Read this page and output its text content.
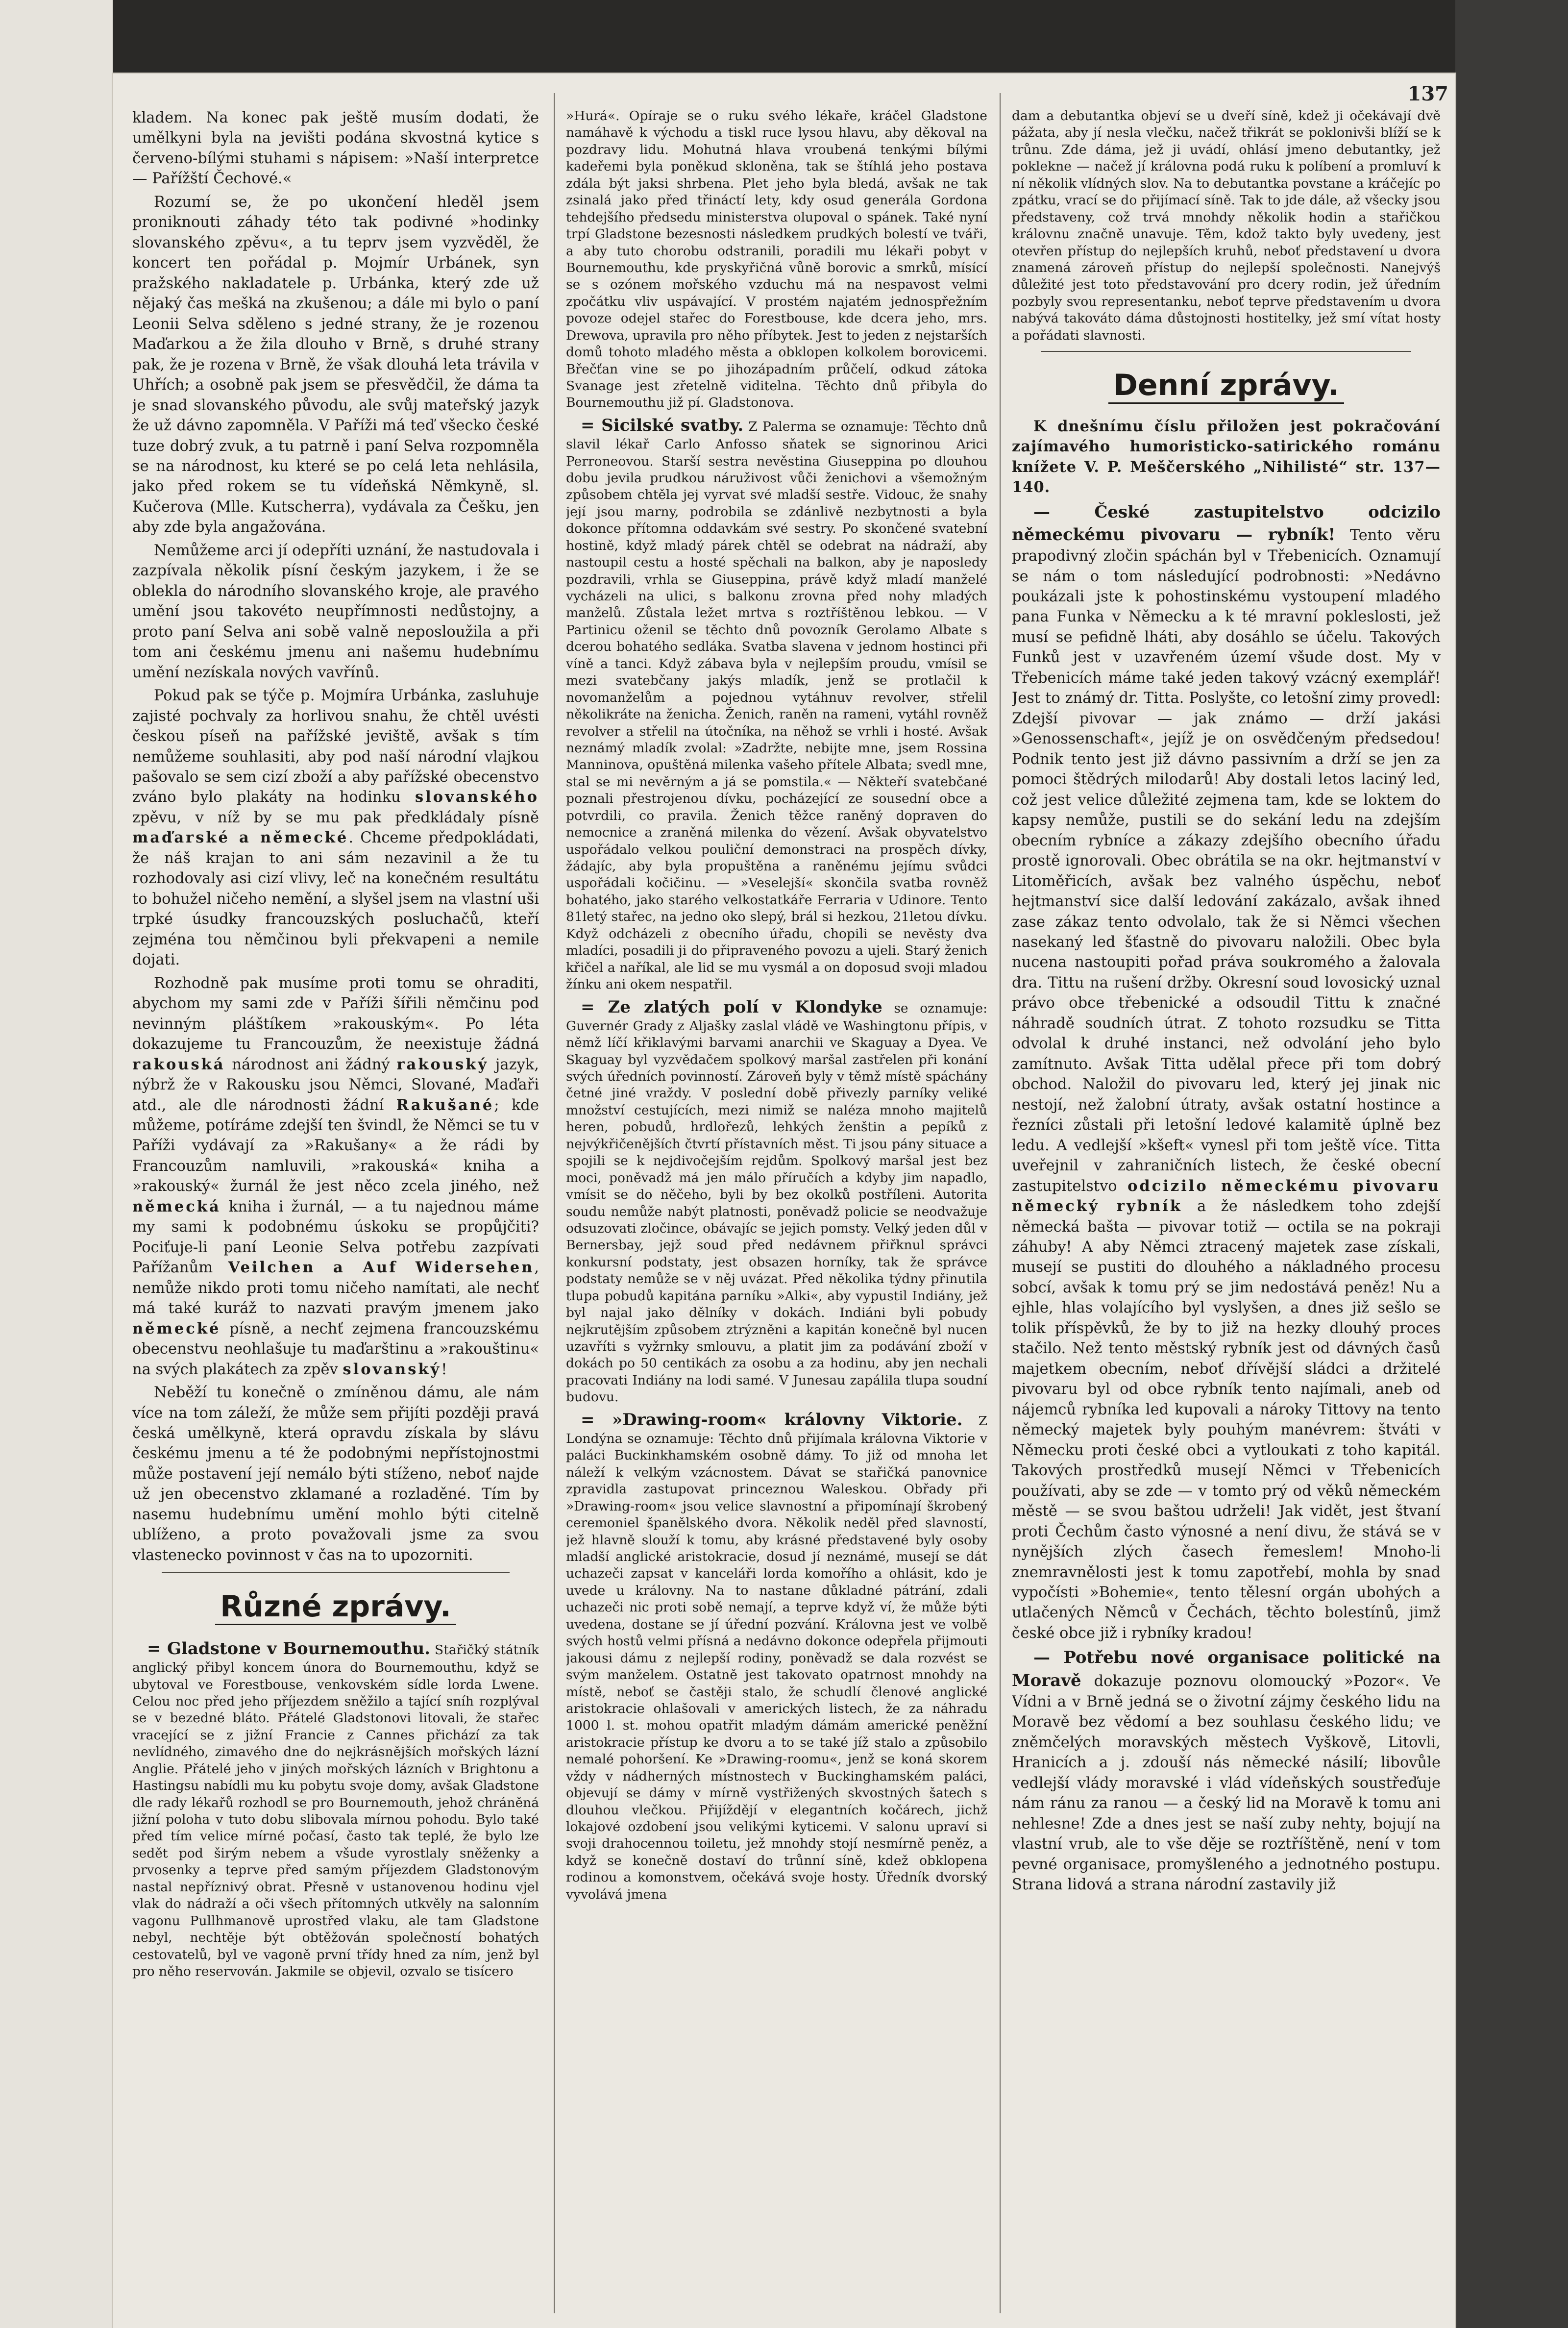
137

kladem. Na konec pak ještě musím dodati, že umělkyni byla na jevišti podána skvostná kytice s červeno-bílými stuhami s nápisem: »Naší interpretce — Pařížští Čechové.«

Rozumí se, že po ukončení hleděl jsem proniknouti záhady této tak podivné »hodinky slovanského zpěvu«, a tu teprv jsem vyzvěděl, že koncert ten pořádal p. Mojmír Urbánek, syn pražského nakladatele p. Urbánka, který zde už nějaký čas mešká na zkušenou; a dále mi bylo o paní Leonii Selva sděleno s jedné strany, že je rozenou Maďarkou a že žila dlouho v Brně, s druhé strany pak, že je rozena v Brně, že však dlouhá leta trávila v Uhřích; a osobně pak jsem se přesvědčil, že dáma ta je snad slovanského původu, ale svůj mateřský jazyk že už dávno zapomněla. V Paříži má teď všecko české tuze dobrý zvuk, a tu patrně i paní Selva rozpomněla se na národnost, ku které se po celá leta nehlásila, jako před rokem se tu vídeňská Němkyně, sl. Kučerova (Mlle. Kutscherra), vydávala za Češku, jen aby zde byla angažována.

Nemůžeme arci jí odepříti uznání, že nastudovala i zazpívala několik písní českým jazykem, i že se oblekla do národního slovanského kroje, ale pravého umění jsou takovéto neupřímnosti nedůstojny, a proto paní Selva ani sobě valně neposloužila a při tom ani českému jmenu ani našemu hudebnímu umění nezískala nových vavřínů.

Pokud pak se týče p. Mojmíra Urbánka, zasluhuje zajisté pochvaly za horlivou snahu, že chtěl uvésti českou píseň na pařížské jeviště, avšak s tím nemůžeme souhlasiti, aby pod naší národní vlajkou pašovalo se sem cizí zboží a aby pařížské obecenstvo zváno bylo plakáty na hodinku slovanského zpěvu, v níž by se mu pak předkládaly písně maďarské a německé. Chceme předpokládati, že náš krajan to ani sám nezavinil a že tu rozhodovaly asi cizí vlivy, leč na konečném resultátu to bohužel ničeho nemění, a slyšel jsem na vlastní uši trpké úsudky francouzských posluchačů, kteří zejména tou němčinou byli překvapeni a nemile dojati.

Rozhodně pak musíme proti tomu se ohraditi, abychom my sami zde v Paříži šířili němčinu pod nevinným pláštíkem »rakouským«. Po léta dokazujeme tu Francouzům, že neexistuje žádná rakouská národnost ani žádný rakouský jazyk, nýbrž že v Rakousku jsou Němci, Slované, Maďaři atd., ale dle národnosti žádní Rakušané; kde můžeme, potíráme zdejší ten švindl, že Němci se tu v Paříži vydávají za »Rakušany« a že rádi by Francouzům namluvili, »rakouská« kniha a »rakouský« žurnál že jest něco zcela jiného, než německá kniha i žurnál, — a tu najednou máme my sami k podobnému úskoku se propůjčiti? Pociťuje-li paní Leonie Selva potřebu zazpívati Pařížanům Veilchen a Auf Widersehen, nemůže nikdo proti tomu ničeho namítati, ale nechť má také kuráž to nazvati pravým jmenem jako německé písně, a nechť zejmena francouzskému obecenstvu neohlašuje tu maďarštinu a »rakouštinu« na svých plakátech za zpěv slovanský!

Neběží tu konečně o zmíněnou dámu, ale nám více na tom záleží, že může sem přijíti později pravá česká umělkyně, která opravdu získala by slávu českému jmenu a té že podobnými nepřístojnostmi může postavení její nemálo býti stíženo, neboť najde už jen obecenstvo zklamané a rozladěné. Tím by nasemu hudebnímu umění mohlo býti citelně ublíženo, a proto považovali jsme za svou vlastenecko povinnost v čas na to upozorniti.

Různé zprávy.

= Gladstone v Bournemouthu. Stařičký státník anglický přibyl koncem února do Bournemouthu, když se ubytoval ve Forestbouse, venkovském sídle lorda Lwene. Celou noc před jeho příjezdem sněžilo a tající sníh rozplýval se v bezedné bláto. Přátelé Gladstonovi litovali, že stařec vracející se z jižní Francie z Cannes přichází za tak nevlídného, zimavého dne do nejkrásnějších mořských lázní Anglie. Přátelé jeho v jiných mořských lázních v Brightonu a Hastingsu nabídli mu ku pobytu svoje domy, avšak Gladstone dle rady lékařů rozhodl se pro Bournemouth, jehož chráněná jižní poloha v tuto dobu slibovala mírnou pohodu. Bylo také před tím velice mírné počasí, často tak teplé, že bylo lze sedět pod širým nebem a všude vyrostlaly sněženky a prvosenky a teprve před samým příjezdem Gladstonovým nastal nepříznivý obrat. Přesně v ustanovenou hodinu vjel vlak do nádraží a oči všech přítomných utkvěly na salonním vagonu Pullhmanově uprostřed vlaku, ale tam Gladstone nebyl, nechtěje být obtěžován společností bohatých cestovatelů, byl ve vagoně první třídy hned za ním, jenž byl pro něho reservován. Jakmile se objevil, ozvalo se tisícero

»Hurá«. Opíraje se o ruku svého lékaře, kráčel Gladstone namáhavě k východu a tiskl ruce lysou hlavu, aby děkoval na pozdravy lidu. Mohutná hlava vroubená tenkými bílými kadeřemi byla poněkud skloněna, tak se štíhlá jeho postava zdála být jaksi shrbena. Plet jeho byla bledá, avšak ne tak zsinalá jako před třináctí lety, kdy osud generála Gordona tehdejšího předsedu ministerstva olupoval o spánek. Také nyní trpí Gladstone bezesnosti následkem prudkých bolestí ve tváři, a aby tuto chorobu odstranili, poradili mu lékaři pobyt v Bournemouthu, kde pryskyřičná vůně borovic a smrků, mísící se s ozónem mořského vzduchu má na nespavost velmi zpočátku vliv uspávající. V prostém najatém jednospřežním povoze odejel stařec do Forestbouse, kde dcera jeho, mrs. Drewova, upravila pro něho příbytek. Jest to jeden z nejstarších domů tohoto mladého města a obklopen kolkolem borovicemi. Břečťan vine se po jihozápadním průčelí, odkud zátoka Svanage jest zřetelně viditelna. Těchto dnů přibyla do Bournemouthu již pí. Gladstonova.

= Sicilské svatby. Z Palerma se oznamuje: Těchto dnů slavil lékař Carlo Anfosso sňatek se signorinou Arici Perroneovou. Starší sestra nevěstina Giuseppina po dlouhou dobu jevila prudkou náruživost vůči ženichovi a všemožným způsobem chtěla jej vyrvat své mladší sestře. Vidouc, že snahy její jsou marny, podrobila se zdánlivě nezbytnosti a byla dokonce přítomna oddavkám své sestry. Po skončené svatební hostině, když mladý párek chtěl se odebrat na nádraží, aby nastoupil cestu a hosté spěchali na balkon, aby je naposledy pozdravili, vrhla se Giuseppina, právě když mladí manželé vycházeli na ulici, s balkonu zrovna před nohy mladých manželů. Zůstala ležet mrtva s roztříštěnou lebkou. — V Partinicu oženil se těchto dnů povozník Gerolamo Albate s dcerou bohatého sedláka. Svatba slavena v jednom hostinci při víně a tanci. Když zábava byla v nejlepším proudu, vmísil se mezi svatebčany jakýs mladík, jenž se protlačil k novomanželům a pojednou vytáhnuv revolver, střelil několikráte na ženicha. Ženich, raněn na rameni, vytáhl rovněž revolver a střelil na útočníka, na něhož se vrhli i hosté. Avšak neznámý mladík zvolal: »Zadržte, nebijte mne, jsem Rossina Manninova, opuštěná milenka vašeho přítele Albata; svedl mne, stal se mi nevěrným a já se pomstila.« — Někteří svatebčané poznali přestrojenou dívku, pocházející ze sousední obce a potvrdili, co pravila. Ženich těžce raněný dopraven do nemocnice a zraněná milenka do vězení. Avšak obyvatelstvo uspořádalo velkou pouliční demonstraci na prospěch dívky, žádajíc, aby byla propuštěna a raněnému jejímu svůdci uspořádali kočičinu. — »Veselejší« skončila svatba rovněž bohatého, jako starého velkostatkáře Ferraria v Udinore. Tento 81letý stařec, na jedno oko slepý, brál si hezkou, 21letou dívku. Když odcházeli z obecního úřadu, chopili se nevěsty dva mladíci, posadili ji do připraveného povozu a ujeli. Starý ženich křičel a naříkal, ale lid se mu vysmál a on doposud svoji mladou žínku ani okem nespatřil.

= Ze zlatých polí v Klondyke se oznamuje: Guvernér Grady z Aljašky zaslal vládě ve Washingtonu přípis, v němž líčí křiklavými barvami anarchii ve Skaguay a Dyea. Ve Skaguay byl vyzvědačem spolkový maršal zastřelen při konání svých úředních povinností. Zároveň byly v těmž místě spáchány četné jiné vraždy. V poslední době přivezly parníky veliké množství cestujících, mezi nimiž se naléza mnoho majitelů heren, pobudů, hrdlořezů, lehkých ženštin a pepíků z nejvýkřičenějších čtvrtí přístavních měst. Ti jsou pány situace a spojili se k nejdivočejším rejdům. Spolkový maršal jest bez moci, poněvadž má jen málo příručích a kdyby jim napadlo, vmísit se do něčeho, byli by bez okolků postříleni. Autorita soudu nemůže nabýt platnosti, poněvadž policie se neodvažuje odsuzovati zločince, obávajíc se jejich pomsty. Velký jeden důl v Bernersbay, jejž soud před nedávnem přiřknul správci konkursní podstaty, jest obsazen horníky, tak že správce podstaty nemůže se v něj uvázat. Před několika týdny přinutila tlupa pobudů kapitána parníku »Alki«, aby vypustil Indiány, jež byl najal jako dělníky v dokách. Indiáni byli pobudy nejkrutějším způsobem ztrýzněni a kapitán konečně byl nucen uzavříti s vyžrnky smlouvu, a platit jim za podávání zboží v dokách po 50 centikách za osobu a za hodinu, aby jen nechali pracovati Indiány na lodi samé. V Junesau zapálila tlupa soudní budovu.

= »Drawing-room« královny Viktorie. Z Londýna se oznamuje: Těchto dnů přijímala královna Viktorie v paláci Buckinkhamském osobně dámy. To již od mnoha let náleží k velkým vzácnostem. Dávat se stařičká panovnice zpravidla zastupovat princeznou Waleskou. Obřady při »Drawing-room« jsou velice slavnostní a připomínají škrobený ceremoniel španělského dvora. Několik neděl před slavností, jež hlavně slouží k tomu, aby krásné představené byly osoby mladší anglické aristokracie, dosud jí neznámé, musejí se dát uchazeči zapsat v kanceláři lorda komořího a ohlásit, kdo je uvede u královny. Na to nastane důkladné pátrání, zdali uchazeči nic proti sobě nemají, a teprve když ví, že může býti uvedena, dostane se jí úřední pozvání. Královna jest ve volbě svých hostů velmi přísná a nedávno dokonce odepřela přijmouti jakousi dámu z nejlepší rodiny, poněvadž se dala rozvést se svým manželem. Ostatně jest takovato opatrnost mnohdy na místě, neboť se častěji stalo, že schudlí členové anglické aristokracie ohlašovali v amerických listech, že za náhradu 1000 l. st. mohou opatřit mladým dámám americké peněžní aristokracie přístup ke dvoru a to se také jíž stalo a způsobilo nemalé pohoršení. Ke »Drawing-roomu«, jenž se koná skorem vždy v nádherných místnostech v Buckinghamském paláci, objevují se dámy v mírně vystřižených skvostných šatech s dlouhou vlečkou. Přijíždějí v elegantních kočárech, jichž lokajové ozdobení jsou velikými kyticemi. V salonu upraví si svoji drahocennou toiletu, jež mnohdy stojí nesmírně peněz, a když se konečně dostaví do trůnní síně, kdež obklopena rodinou a komonstvem, očekává svoje hosty. Úředník dvorský vyvolává jmena

dam a debutantka objeví se u dveří síně, kdež ji očekávají dvě pážata, aby jí nesla vlečku, načež třikrát se poklonivši blíží se k trůnu. Zde dáma, jež ji uvádí, ohlásí jmeno debutantky, jež poklekne — načež jí královna podá ruku k políbení a promluví k ní několik vlídných slov. Na to debutantka povstane a kráčejíc po zpátku, vrací se do přijímací síně. Tak to jde dále, až všecky jsou představeny, což trvá mnohdy několik hodin a stařičkou královnu značně unavuje. Těm, kdož takto byly uvedeny, jest otevřen přístup do nejlepších kruhů, neboť představení u dvora znamená zároveň přístup do nejlepší společnosti. Nanejvýš důležité jest toto představování pro dcery rodin, jež úředním pozbyly svou representanku, neboť teprve představením u dvora nabývá takováto dáma důstojnosti hostitelky, jež smí vítat hosty a pořádati slavnosti.

Denní zprávy.

K dnešnímu číslu přiložen jest pokračování zajímavého humoristicko-satirického románu knížete V. P. Meščerského „Nihilisté“ str. 137—140.

— České zastupitelstvo odcizilo německému pivovaru — rybník! Tento věru prapodivný zločin spáchán byl v Třebenicích. Oznamují se nám o tom následující podrobnosti: »Nedávno poukázali jste k pohostinskému vystoupení mladého pana Funka v Německu a k té mravní pokleslosti, jež musí se pefidně lháti, aby dosáhlo se účelu. Takových Funků jest v uzavřeném území všude dost. My v Třebenicích máme také jeden takový vzácný exemplář! Jest to známý dr. Titta. Poslyšte, co letošní zimy provedl: Zdejší pivovar — jak známo — drží jakási »Genossenschaft«, jejíž je on osvědčeným předsedou! Podnik tento jest již dávno passivním a drží se jen za pomoci štědrých milodarů! Aby dostali letos laciný led, což jest velice důležité zejmena tam, kde se loktem do kapsy nemůže, pustili se do sekání ledu na zdejším obecním rybníce a zákazy zdejšího obecního úřadu prostě ignorovali. Obec obrátila se na okr. hejtmanství v Litoměřicích, avšak bez valného úspěchu, neboť hejtmanství sice další ledování zakázalo, avšak ihned zase zákaz tento odvolalo, tak že si Němci všechen nasekaný led šťastně do pivovaru naložili. Obec byla nucena nastoupiti pořad práva soukromého a žalovala dra. Tittu na rušení držby. Okresní soud lovosický uznal právo obce třebenické a odsoudil Tittu k značné náhradě soudních útrat. Z tohoto rozsudku se Titta odvolal k druhé instanci, než odvolání jeho bylo zamítnuto. Avšak Titta udělal přece při tom dobrý obchod. Naložil do pivovaru led, který jej jinak nic nestojí, než žalobní útraty, avšak ostatní hostince a řezníci zůstali při letošní ledové kalamitě úplně bez ledu. A vedlejší »kšeft« vynesl při tom ještě více. Titta uveřejnil v zahraničních listech, že české obecní zastupitelstvo odcizilo německému pivovaru německý rybník a že následkem toho zdejší německá bašta — pivovar totiž — octila se na pokraji záhuby! A aby Němci ztracený majetek zase získali, musejí se pustiti do dlouhého a nákladného procesu sobcí, avšak k tomu prý se jim nedostává peněz! Nu a ejhle, hlas volajícího byl vyslyšen, a dnes již sešlo se tolik příspěvků, že by to již na hezky dlouhý proces stačilo. Než tento městský rybník jest od dávných časů majetkem obecním, neboť dřívější sládci a držitelé pivovaru byl od obce rybník tento najímali, aneb od nájemců rybníka led kupovali a nároky Tittovy na tento německý majetek byly pouhým manévrem: štváti v Německu proti české obci a vytloukati z toho kapitál. Takových prostředků musejí Němci v Třebenicích používati, aby se zde — v tomto prý od věků německém městě — se svou baštou udrželi! Jak vidět, jest štvaní proti Čechům často výnosné a není divu, že stává se v nynějších zlých časech řemeslem! Mnoho-li znemravnělosti jest k tomu zapotřebí, mohla by snad vypočísti »Bohemie«, tento tělesní orgán ubohých a utlačených Němců v Čechách, těchto bolestínů, jimž české obce již i rybníky kradou!

— Potřebu nové organisace politické na Moravě dokazuje poznovu olomoucký »Pozor«. Ve Vídni a v Brně jedná se o životní zájmy českého lidu na Moravě bez vědomí a bez souhlasu českého lidu; ve zněmčelých moravských městech Vyškově, Litovli, Hranicích a j. zdouší nás německé násilí; libovůle vedlejší vlády moravské i vlád vídeňských soustřeďuje nám ránu za ranou — a český lid na Moravě k tomu ani nehlesne! Zde a dnes jest se naší zuby nehty, bojují na vlastní vrub, ale to vše děje se roztříštěně, není v tom pevné organisace, promyšleného a jednotného postupu. Strana lidová a strana národní zastavily již
